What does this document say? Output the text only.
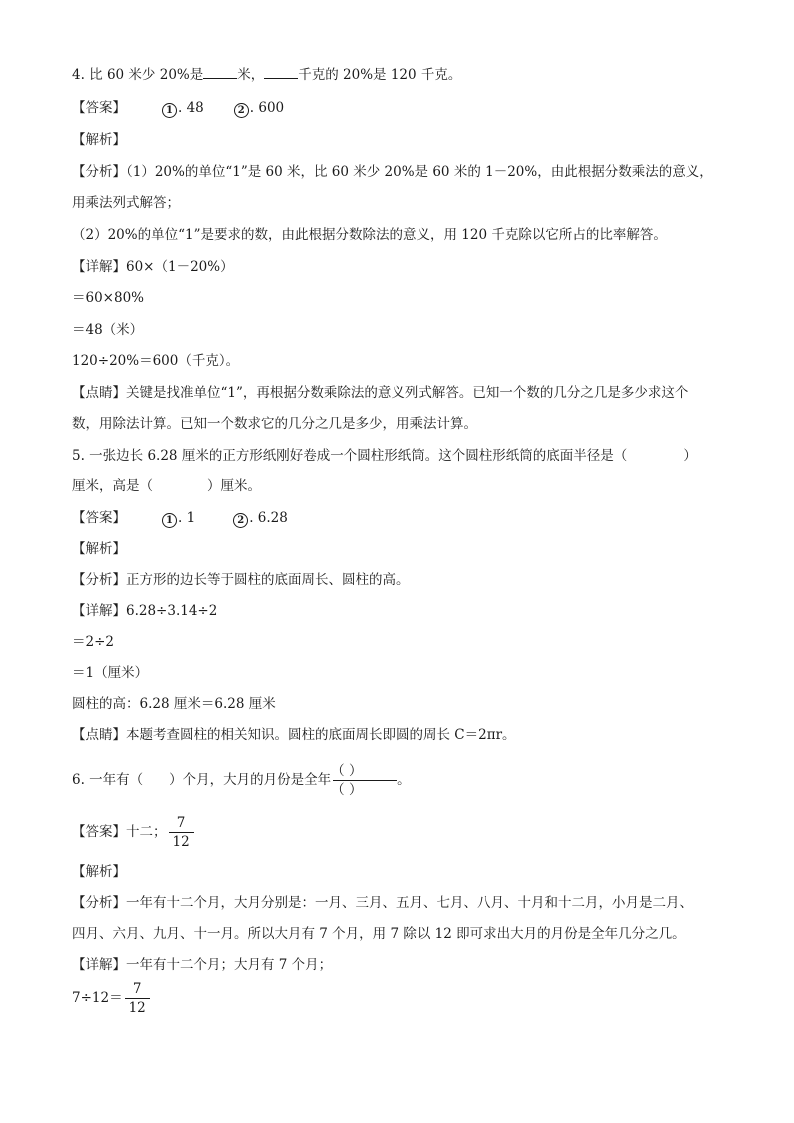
4. 比 60 米少 20%是	米，	千克的 20%是 120 千克。
【答案】	1 . 48	2 . 600
【解析】
【分析】（1）20%的单位“1”是 60 米，比 60 米少 20%是 60 米的 1－20%，由此根据分数乘法的意义，
用乘法列式解答；
（2）20%的单位“1”是要求的数，由此根据分数除法的意义，用 120 千克除以它所占的比率解答。
【详解】60×（1－20%）
＝60×80%
＝48（米）
120÷20%＝600（千克）。
【点睛】关键是找准单位“1”，再根据分数乘除法的意义列式解答。已知一个数的几分之几是多少求这个
数，用除法计算。已知一个数求它的几分之几是多少，用乘法计算。
5. 一张边长 6.28 厘米的正方形纸刚好卷成一个圆柱形纸筒。这个圆柱形纸筒的底面半径是（	）
厘米，高是（	）厘米。
【答案】	1 . 1	2 . 6.28
【解析】
【分析】正方形的边长等于圆柱的底面周长、圆柱的高。
【详解】6.28÷3.14÷2
＝2÷2
＝1（厘米）
圆柱的高：6.28 厘米＝6.28 厘米
【点睛】本题考查圆柱的相关知识。圆柱的底面周长即圆的周长 C＝2πr。
6. 一年有（ ）个月，大月的月份是全年 $\frac{( )}{( )}$ 。
【答案】十二； $\frac{7}{12}$
【解析】
【分析】一年有十二个月，大月分别是：一月、三月、五月、七月、八月、十月和十二月，小月是二月、
四月、六月、九月、十一月。所以大月有 7 个月，用 7 除以 12 即可求出大月的月份是全年几分之几。
【详解】一年有十二个月；大月有 7 个月；
$7\div 12= \frac{7}{12}$
